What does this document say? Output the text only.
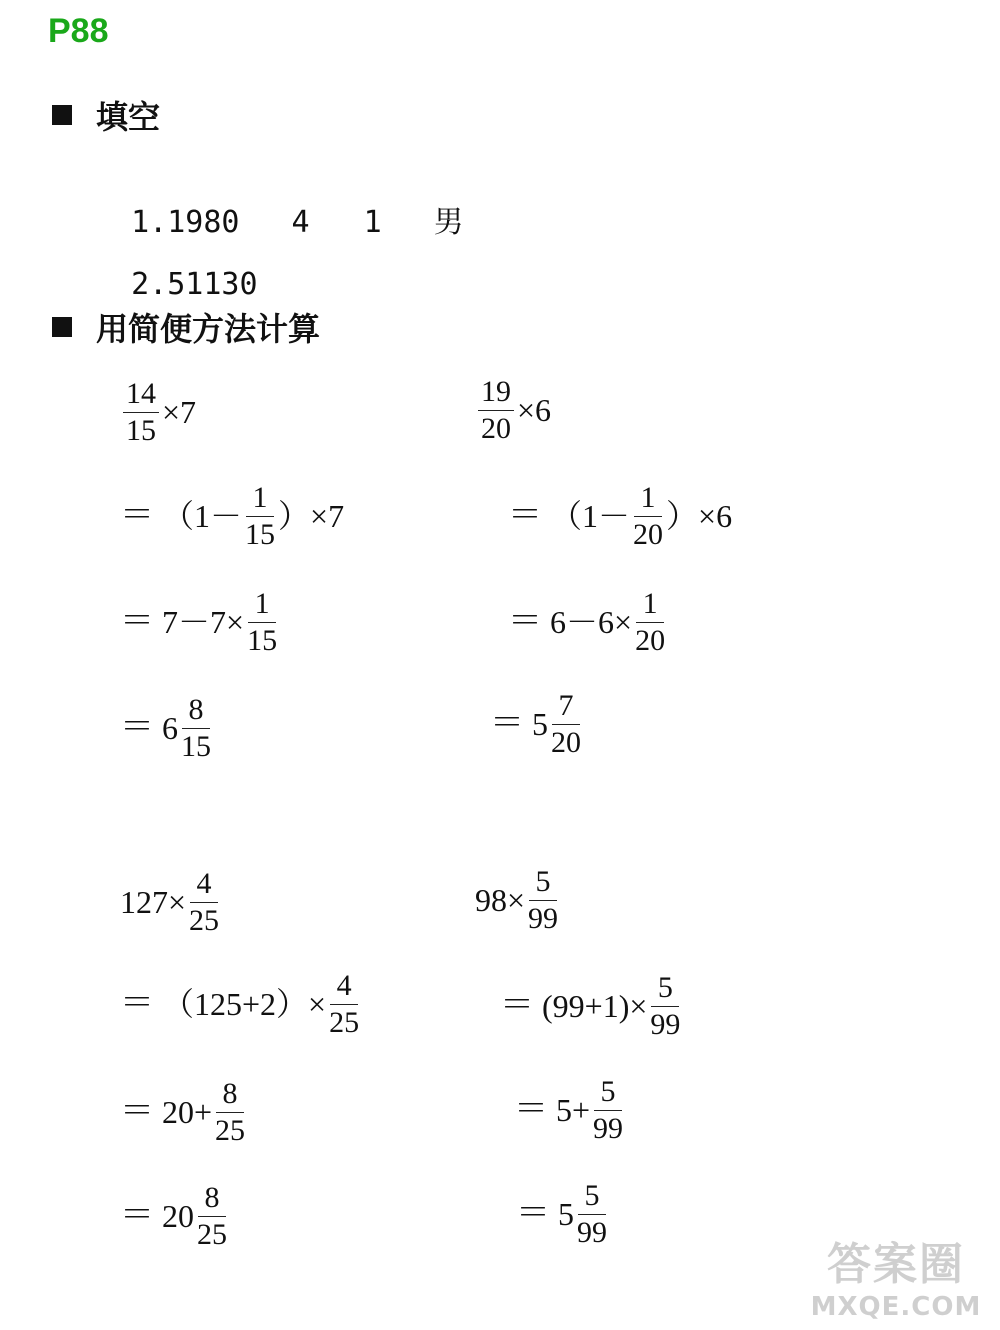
P88
填空

1.1980 4 1 男

2.51130

用简便方法计算
$\frac{14}{15} \times 7$
＝ $(1- \frac{1}{15} )\times 7$
＝ $7-7\times \frac{1}{15}$
＝ $6 \frac{8}{15}$
$\frac{19}{20} \times 6$
＝ $(1- \frac{1}{20} )\times 6$
＝ $6-6\times \frac{1}{20}$
＝ $5 \frac{7}{20}$
$127\times \frac{4}{25}$
＝ $(125+2)\times \frac{4}{25}$
＝ $20+ \frac{8}{25}$
＝ $20 \frac{8}{25}$
$98\times \frac{5}{99}$
＝ $(99+1)\times \frac{5}{99}$
＝ $5+ \frac{5}{99}$
＝ $5 \frac{5}{99}$
答案圈
MXQE.COM
